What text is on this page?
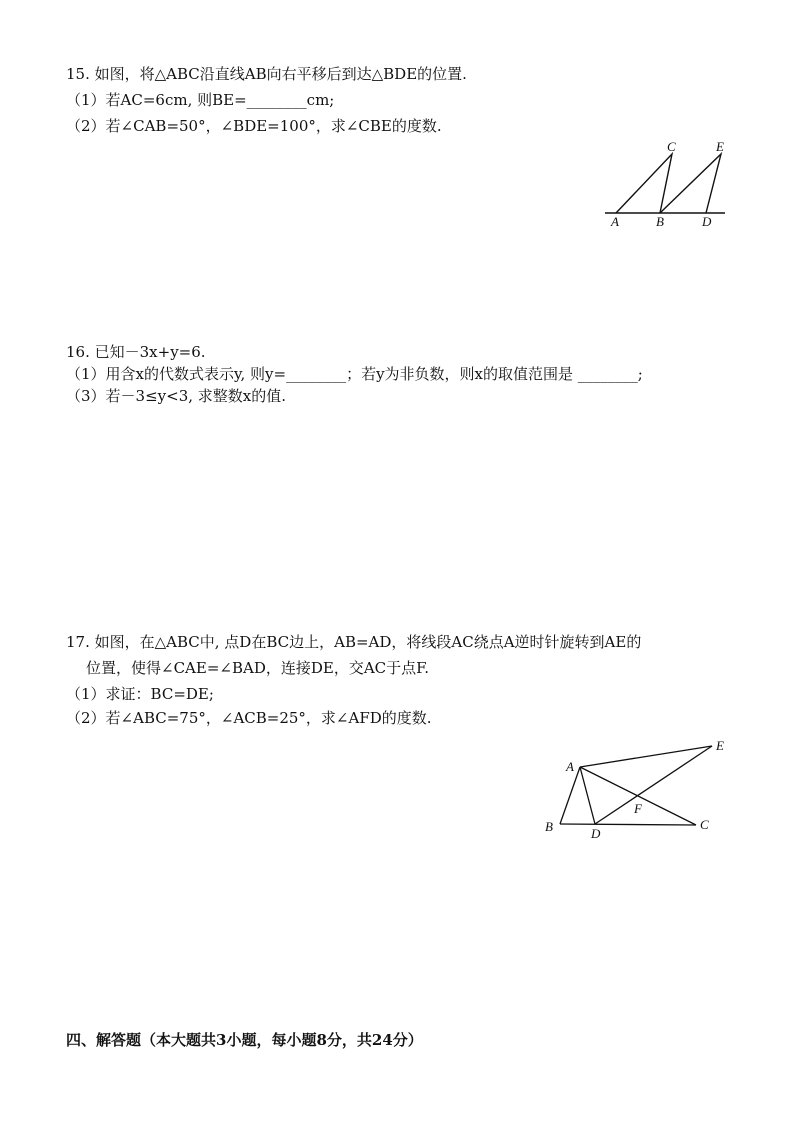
15. 如图，将△ABC沿直线AB向右平移后到达△BDE的位置.
（1）若AC=6cm, 则BE=________cm;
（2）若∠CAB=50°，∠BDE=100°，求∠CBE的度数.
C	E
A	B	D
16. 已知－3x+y=6.
（1）用含x的代数式表示y, 则y=________；若y为非负数，则x的取值范围是 ________;
（3）若－3≤y<3, 求整数x的值.
17. 如图，在△ABC中, 点D在BC边上，AB=AD，将线段AC绕点A逆时针旋转到AE的
位置，使得∠CAE=∠BAD，连接DE，交AC于点F.
（1）求证：BC=DE;
（2）若∠ABC=75°，∠ACB=25°，求∠AFD的度数.
A
E
F
B	D
C
四、解答题（本大题共3小题，每小题8分，共24分）
